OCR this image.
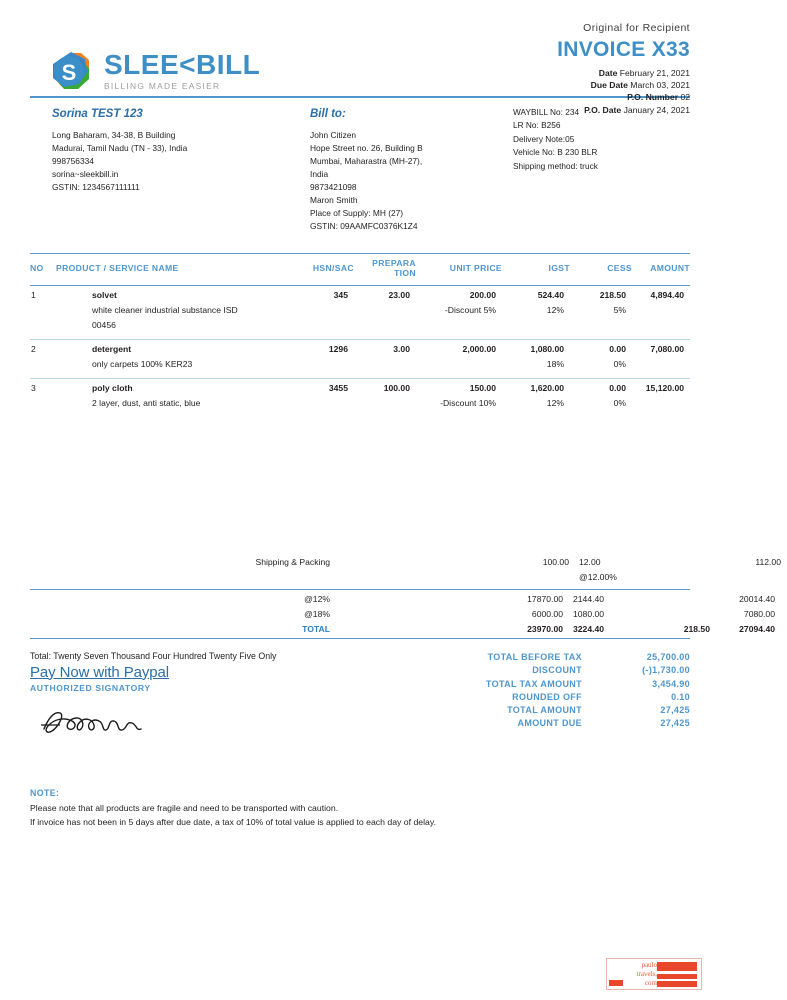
S SLEE<BILL
BILLING MADE EASIER
Original for Recipient
INVOICE X33
Date February 21, 2021
Due Date March 03, 2021
P.O. Number 02
P.O. Date January 24, 2021
Sorina TEST 123
Long Baharam, 34-38, B Building
Madurai, Tamil Nadu (TN - 33), India
998756334
sorina~sleekbill.in
GSTIN: 1234567111111
Bill to:
John Citizen
Hope Street no. 26, Building B
Mumbai, Maharastra (MH-27),
India
9873421098
Maron Smith
Place of Supply: MH (27)
GSTIN: 09AAMFC0376K1Z4
WAYBILL No: 234
LR No: B256
Delivery Note:05
Vehicle No: B 230 BLR
Shipping method: truck
NO	PRODUCT / SERVICE NAME	HSN/SAC	PREPARA
TION	UNIT PRICE	IGST	CESS	AMOUNT

1	solvet	345	23.00	200.00	524.40	218.50	4,894.40
	white cleaner industrial substance ISD			-Discount 5%	12%	5%	
	00456						

2	detergent	1296	3.00	2,000.00	1,080.00	0.00	7,080.00
	only carpets 100% KER23				18%	0%	

3	poly cloth	3455	100.00	150.00	1,620.00	0.00	15,120.00
	2 layer, dust, anti static, blue			-Discount 10%	12%	0%	
	Shipping & Packing			100.00	12.00		112.00
					@12.00%		
	@12%			17870.00	2144.40		20014.40
	@18%			6000.00	1080.00		7080.00
	TOTAL			23970.00	3224.40	218.50	27094.40
Total: Twenty Seven Thousand Four Hundred Twenty Five Only
Pay Now with Paypal
AUTHORIZED SIGNATORY
TOTAL BEFORE TAX	25,700.00
DISCOUNT	(-)1,730.00
TOTAL TAX AMOUNT	3,454.90
ROUNDED OFF	0.10
TOTAL AMOUNT	27,425
AMOUNT DUE	27,425
NOTE:
Please note that all products are fragile and need to be transported with caution.
If invoice has not been in 5 days after due date, a tax of 10% of total value is applied to each day of delay.
paulo
travels,
com
